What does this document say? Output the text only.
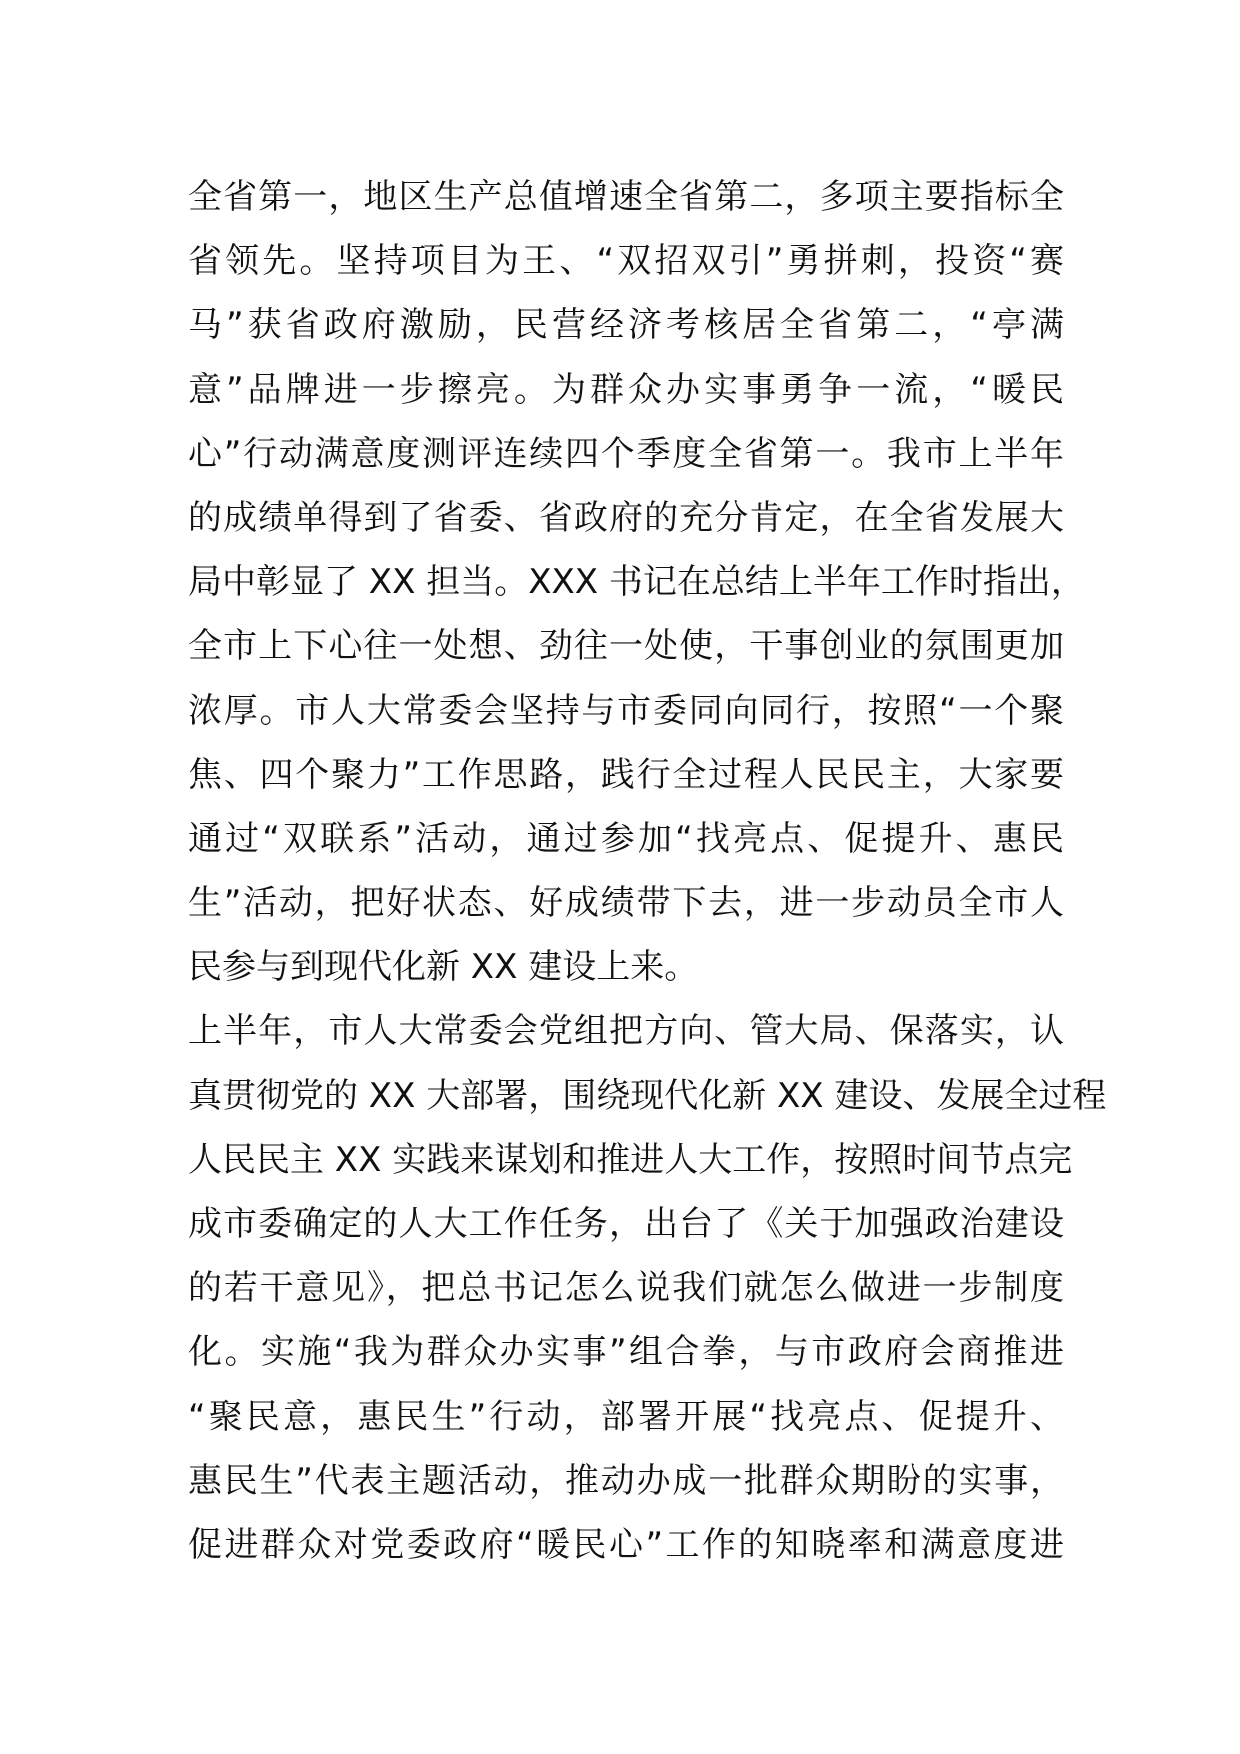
全省第一，地区生产总值增速全省第二，多项主要指标全
省领先。坚持项目为王、“双招双引”勇拼刺，投资“赛
马”获省政府激励，民营经济考核居全省第二，“亭满
意”品牌进一步擦亮。为群众办实事勇争一流，“暖民
心”行动满意度测评连续四个季度全省第一。我市上半年
的成绩单得到了省委、省政府的充分肯定，在全省发展大
局中彰显了 XX 担当。XXX 书记在总结上半年工作时指出，
全市上下心往一处想、劲往一处使，干事创业的氛围更加
浓厚。市人大常委会坚持与市委同向同行，按照“一个聚
焦、四个聚力”工作思路，践行全过程人民民主，大家要
通过“双联系”活动，通过参加“找亮点、促提升、惠民
生”活动，把好状态、好成绩带下去，进一步动员全市人
民参与到现代化新 XX 建设上来。
上半年，市人大常委会党组把方向、管大局、保落实，认
真贯彻党的 XX 大部署，围绕现代化新 XX 建设、发展全过程
人民民主 XX 实践来谋划和推进人大工作，按照时间节点完
成市委确定的人大工作任务，出台了《关于加强政治建设
的若干意见》，把总书记怎么说我们就怎么做进一步制度
化。实施“我为群众办实事”组合拳，与市政府会商推进
“聚民意，惠民生”行动，部署开展“找亮点、促提升、
惠民生”代表主题活动，推动办成一批群众期盼的实事，
促进群众对党委政府“暖民心”工作的知晓率和满意度进
